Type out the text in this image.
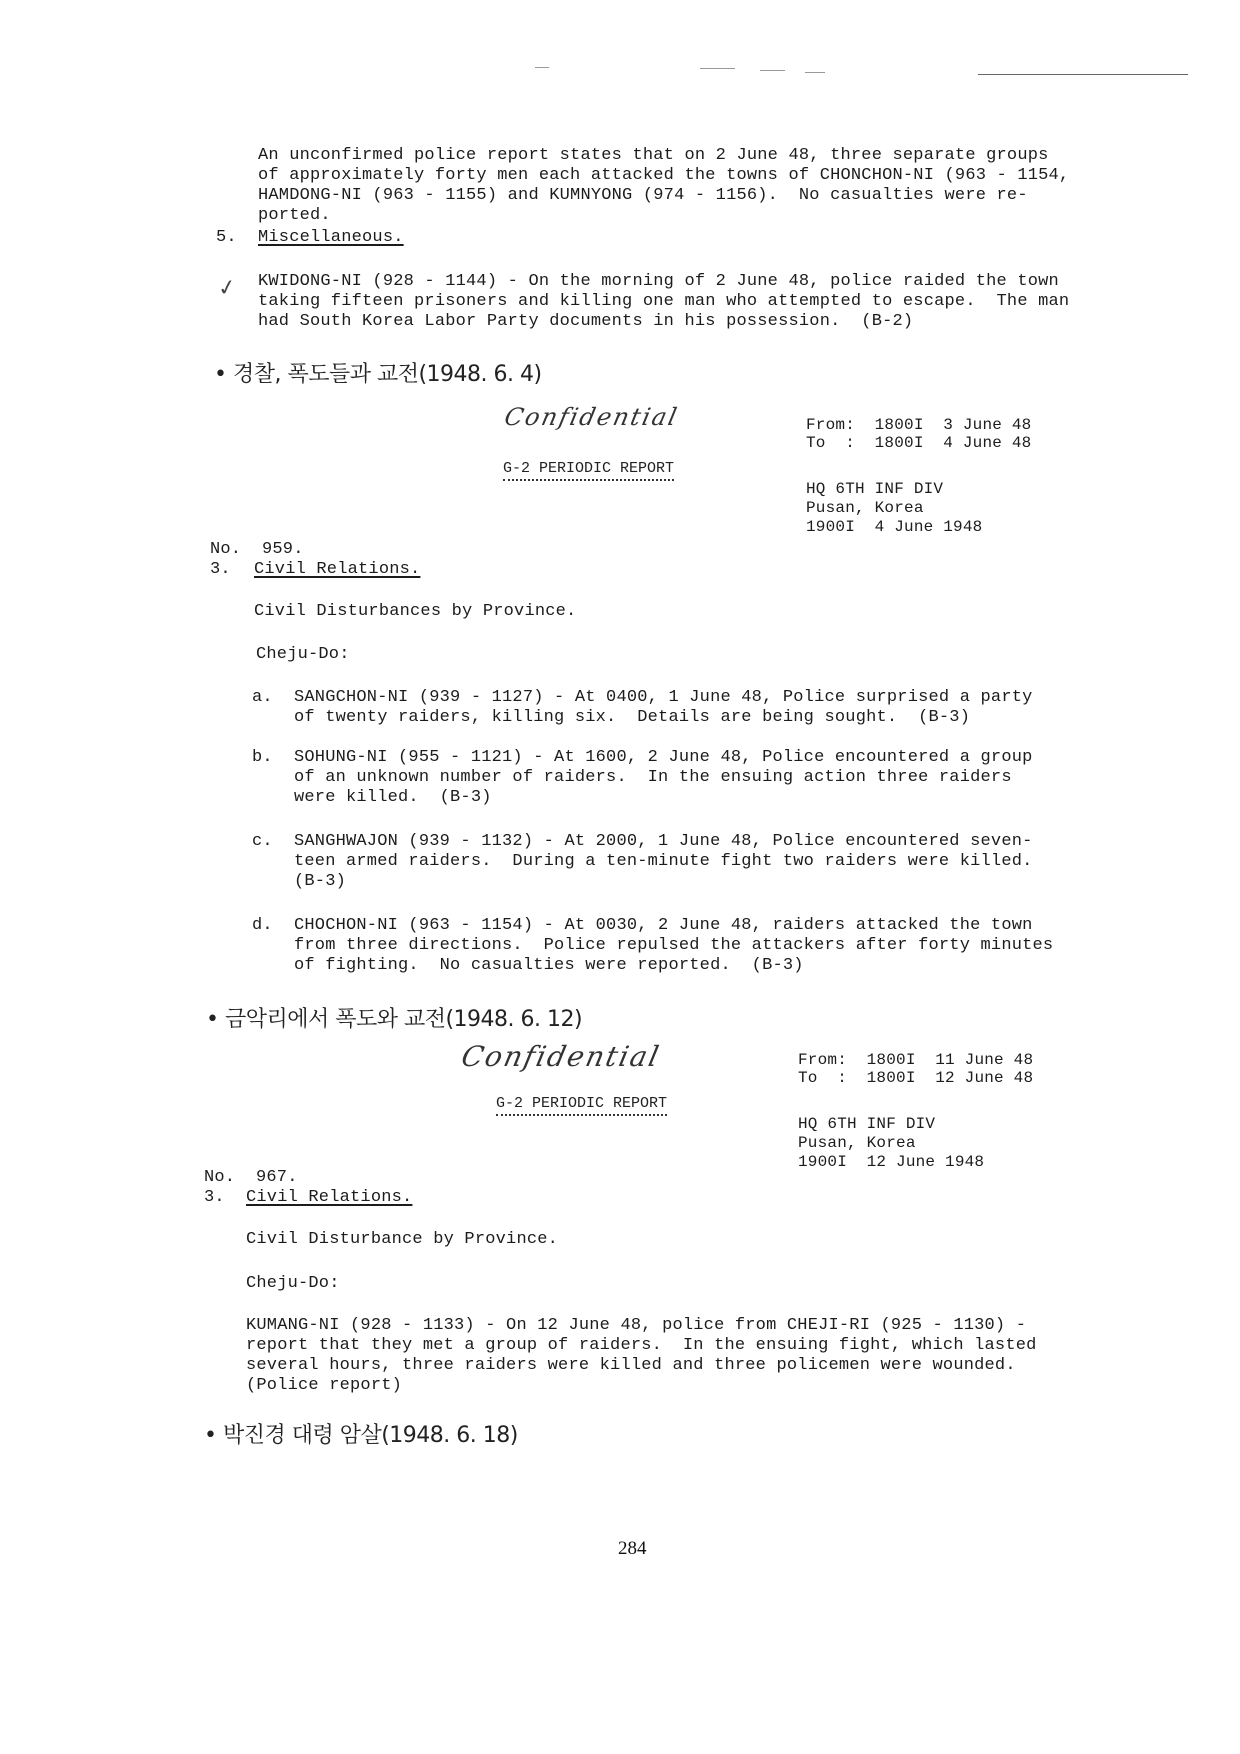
An unconfirmed police report states that on 2 June 48, three separate groups
of approximately forty men each attacked the towns of CHONCHON-NI (963 - 1154,
HAMDONG-NI (963 - 1155) and KUMNYONG (974 - 1156).  No casualties were re-
ported.
5. Miscellaneous.
✓ KWIDONG-NI (928 - 1144) - On the morning of 2 June 48, police raided the town
taking fifteen prisoners and killing one man who attempted to escape.  The man
had South Korea Labor Party documents in his possession.  (B-2)
• 경찰, 폭도들과 교전(1948. 6. 4)
Confidential
G-2 PERIODIC REPORT
From: 1800I  3 June 48
To  : 1800I  4 June 48
HQ 6TH INF DIV
Pusan, Korea
1900I  4 June 1948
No.  959.
3. Civil Relations.
Civil Disturbances by Province.
Cheju-Do:
a. SANGCHON-NI (939 - 1127) - At 0400, 1 June 48, Police surprised a party
of twenty raiders, killing six.  Details are being sought.  (B-3)
b. SOHUNG-NI (955 - 1121) - At 1600, 2 June 48, Police encountered a group
of an unknown number of raiders.  In the ensuing action three raiders
were killed.  (B-3)
c. SANGHWAJON (939 - 1132) - At 2000, 1 June 48, Police encountered seven-
teen armed raiders.  During a ten-minute fight two raiders were killed.
(B-3)
d. CHOCHON-NI (963 - 1154) - At 0030, 2 June 48, raiders attacked the town
from three directions.  Police repulsed the attackers after forty minutes
of fighting.  No casualties were reported.  (B-3)
• 금악리에서 폭도와 교전(1948. 6. 12)
Confidential
G-2 PERIODIC REPORT
From: 1800I  11 June 48
To  : 1800I  12 June 48
HQ 6TH INF DIV
Pusan, Korea
1900I  12 June 1948
No.  967.
3. Civil Relations.
Civil Disturbance by Province.
Cheju-Do:
KUMANG-NI (928 - 1133) - On 12 June 48, police from CHEJI-RI (925 - 1130) -
report that they met a group of raiders.  In the ensuing fight, which lasted
several hours, three raiders were killed and three policemen were wounded.
(Police report)
• 박진경 대령 암살(1948. 6. 18)
284
